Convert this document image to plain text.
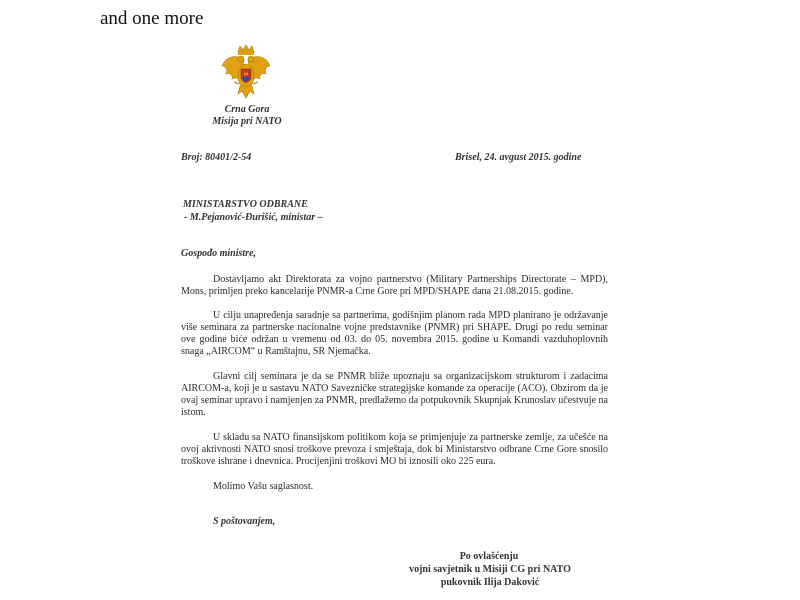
and one more
Crna Gora
Misija pri NATO
Broj: 80401/2-54	Brisel, 24. avgust 2015. godine
MINISTARSTVO ODBRANE
- M.Pejanović-Đurišić, ministar –
Gospođo ministre,

Dostavljamo akt Direktorata za vojno partnerstvo (Military Partnerships Directorate – MPD), Mons, primljen preko kancelarije PNMR-a Crne Gore pri MPD/SHAPE dana 21.08.2015. godine.

U cilju unapređenja saradnje sa partnerima, godišnjim planom rada MPD planirano je održavanje više seminara za partnerske nacionalne vojne predstavnike (PNMR) pri SHAPE. Drugi po redu seminar ove godine biće održan u vremenu od 03. do 05. novembra 2015. godine u Komandi vazduhoplovnih snaga „AIRCOM“ u Ramštajnu, SR Njemačka.

Glavni cilj seminara je da se PNMR bliže upoznaju sa organizacijskom strukturom i zadacima AIRCOM-a, koji je u sastavu NATO Savezničke strategijske komande za operacije (ACO). Obzirom da je ovaj seminar upravo i namjenjen za PNMR, predlažemo da potpukovnik Skupnjak Krunoslav učestvuje na istom.

U skladu sa NATO finansijskom politikom koja se primjenjuje za partnerske zemlje, za učešće na ovoj aktivnosti NATO snosi troškove prevoza i smještaja, dok bi Ministarstvo odbrane Crne Gore snosilo troškove ishrane i dnevnica. Procijenjini troškovi MO bi iznosili oko 225 eura.

Molimo Vašu saglasnost.

S poštovanjem,
Po ovlašćenju
vojni savjetnik u Misiji CG pri NATO
pukovnik Ilija Daković
